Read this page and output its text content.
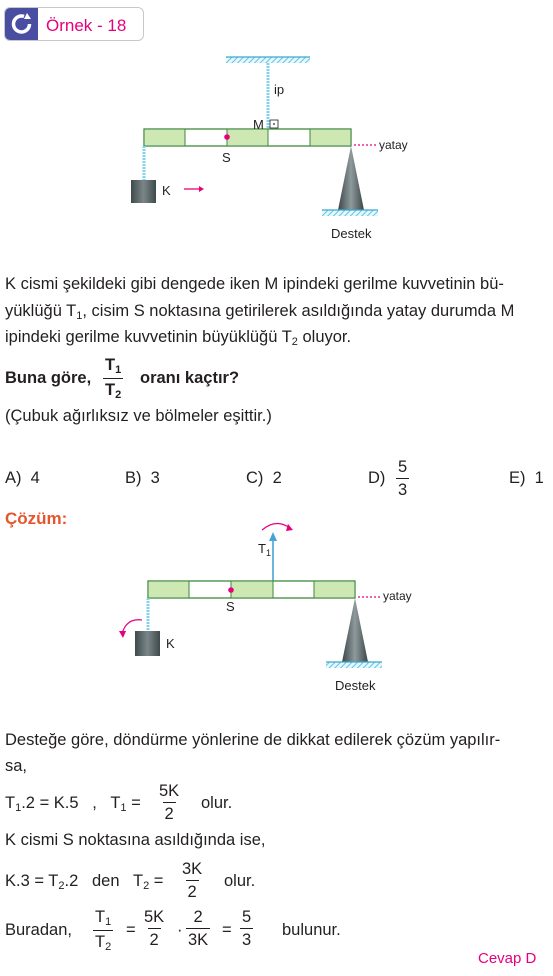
Örnek - 18
ip
M
S
K
yatay
Destek
K cismi şekildeki gibi dengede iken M ipindeki gerilme kuvvetinin bü-
yüklüğü $T_1$, cisim S noktasına getirilerek asıldığında yatay durumda M
ipindeki gerilme kuvvetinin büyüklüğü $T_2$ oluyor.
Buna göre, $\frac{T_1}{T_2}$ oranı kaçtır?
(Çubuk ağırlıksız ve bölmeler eşittir.)
A) 4	B) 3	C) 2	$D) \frac{5}{3}$	E) 1
Çözüm:
$T_1$
S
K
yatay
Destek
Desteğe göre, döndürme yönlerine de dikkat edilerek çözüm yapılır-
sa,
$T_1.2 = K.5$   ,   $T_1 = \frac{5K}{2}$ olur.
K cismi S noktasına asıldığında ise,
$K.3 = T_2.2$   den   $T_2 = \frac{3K}{2}$ olur.
Buradan, $\frac{T_1}{T_2} = \frac{5K}{2} \cdot \frac{2}{3K} = \frac{5}{3}$ bulunur.
Cevap D
